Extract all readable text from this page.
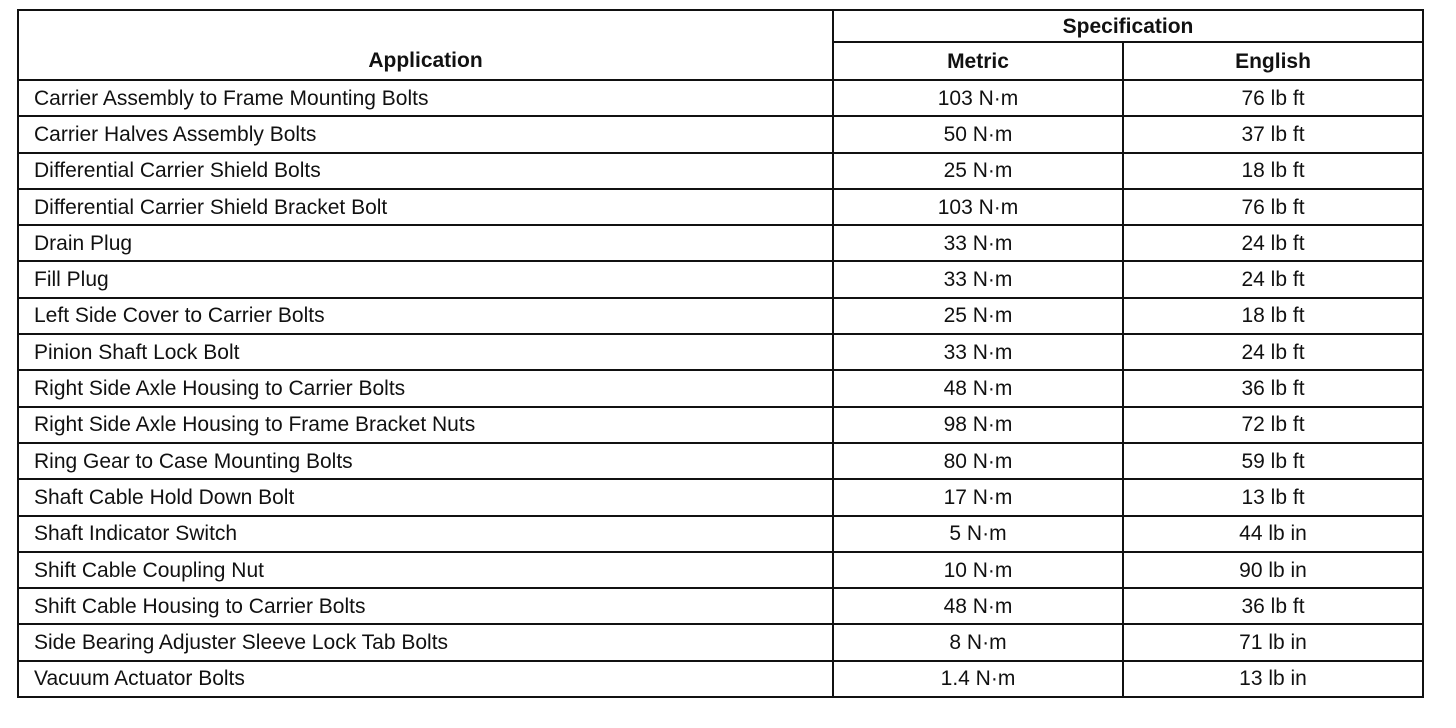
Application	Specification	
	Metric	English
Carrier Assembly to Frame Mounting Bolts	103 N·m	76 lb ft
Carrier Halves Assembly Bolts	50 N·m	37 lb ft
Differential Carrier Shield Bolts	25 N·m	18 lb ft
Differential Carrier Shield Bracket Bolt	103 N·m	76 lb ft
Drain Plug	33 N·m	24 lb ft
Fill Plug	33 N·m	24 lb ft
Left Side Cover to Carrier Bolts	25 N·m	18 lb ft
Pinion Shaft Lock Bolt	33 N·m	24 lb ft
Right Side Axle Housing to Carrier Bolts	48 N·m	36 lb ft
Right Side Axle Housing to Frame Bracket Nuts	98 N·m	72 lb ft
Ring Gear to Case Mounting Bolts	80 N·m	59 lb ft
Shaft Cable Hold Down Bolt	17 N·m	13 lb ft
Shaft Indicator Switch	5 N·m	44 lb in
Shift Cable Coupling Nut	10 N·m	90 lb in
Shift Cable Housing to Carrier Bolts	48 N·m	36 lb ft
Side Bearing Adjuster Sleeve Lock Tab Bolts	8 N·m	71 lb in
Vacuum Actuator Bolts	1.4 N·m	13 lb in
